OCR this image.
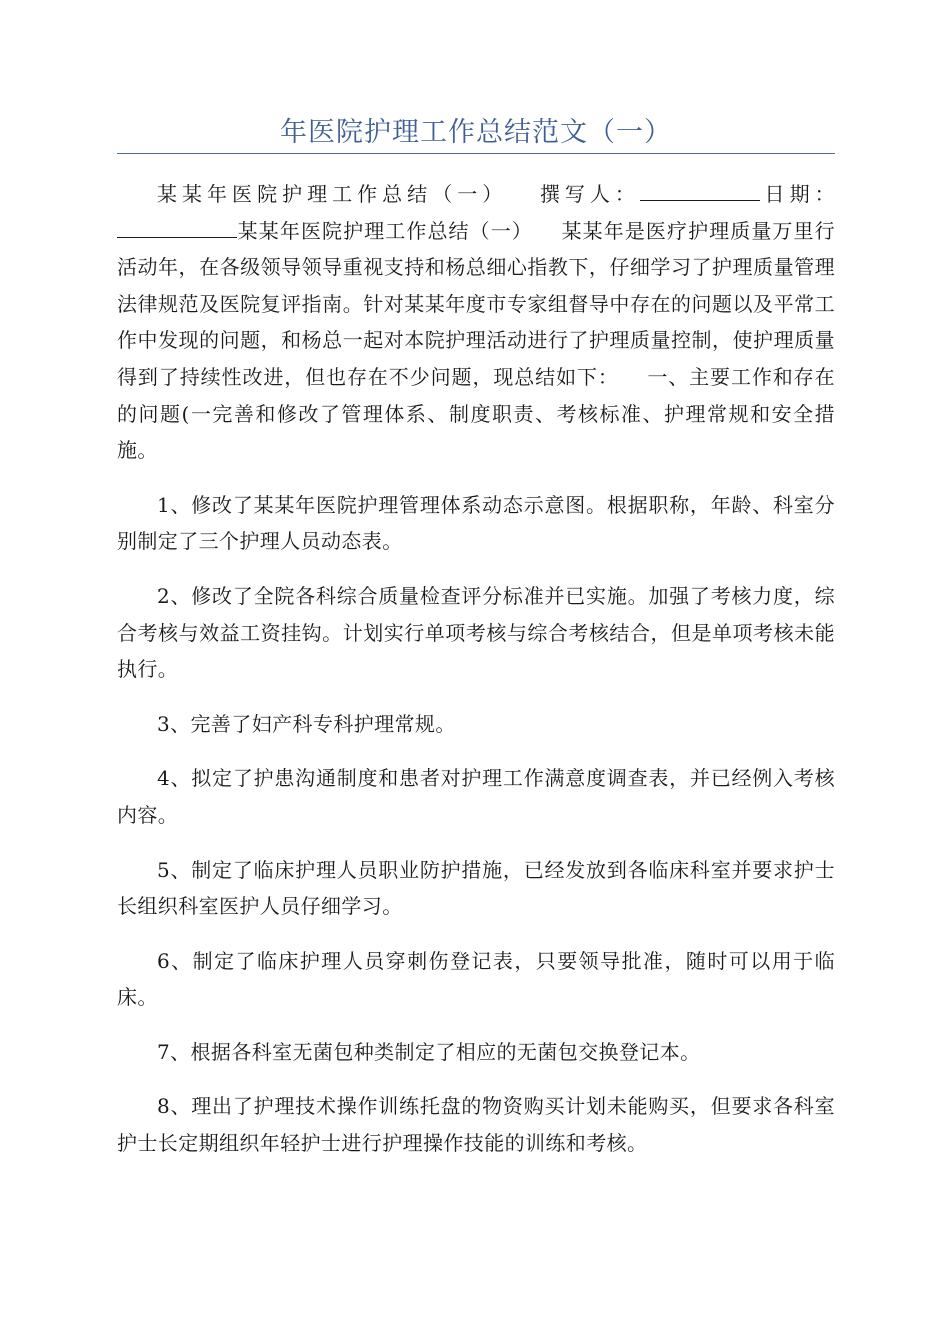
年医院护理工作总结范文（一）

某某年医院护理工作总结（一） 撰写人：	日期：某某年医院护理工作总结（一） 某某年是医疗护理质量万里行活动年，在各级领导领导重视支持和杨总细心指教下，仔细学习了护理质量管理法律规范及医院复评指南。针对某某年度市专家组督导中存在的问题以及平常工作中发现的问题，和杨总一起对本院护理活动进行了护理质量控制，使护理质量得到了持续性改进，但也存在不少问题，现总结如下： 一、主要工作和存在的问题(一完善和修改了管理体系、制度职责、考核标准、护理常规和安全措施。

1、修改了某某年医院护理管理体系动态示意图。根据职称，年龄、科室分别制定了三个护理人员动态表。

2、修改了全院各科综合质量检查评分标准并已实施。加强了考核力度，综合考核与效益工资挂钩。计划实行单项考核与综合考核结合，但是单项考核未能执行。

3、完善了妇产科专科护理常规。

4、拟定了护患沟通制度和患者对护理工作满意度调查表，并已经例入考核内容。

5、制定了临床护理人员职业防护措施，已经发放到各临床科室并要求护士长组织科室医护人员仔细学习。

6、制定了临床护理人员穿刺伤登记表，只要领导批准，随时可以用于临床。

7、根据各科室无菌包种类制定了相应的无菌包交换登记本。

8、理出了护理技术操作训练托盘的物资购买计划未能购买，但要求各科室护士长定期组织年轻护士进行护理操作技能的训练和考核。
